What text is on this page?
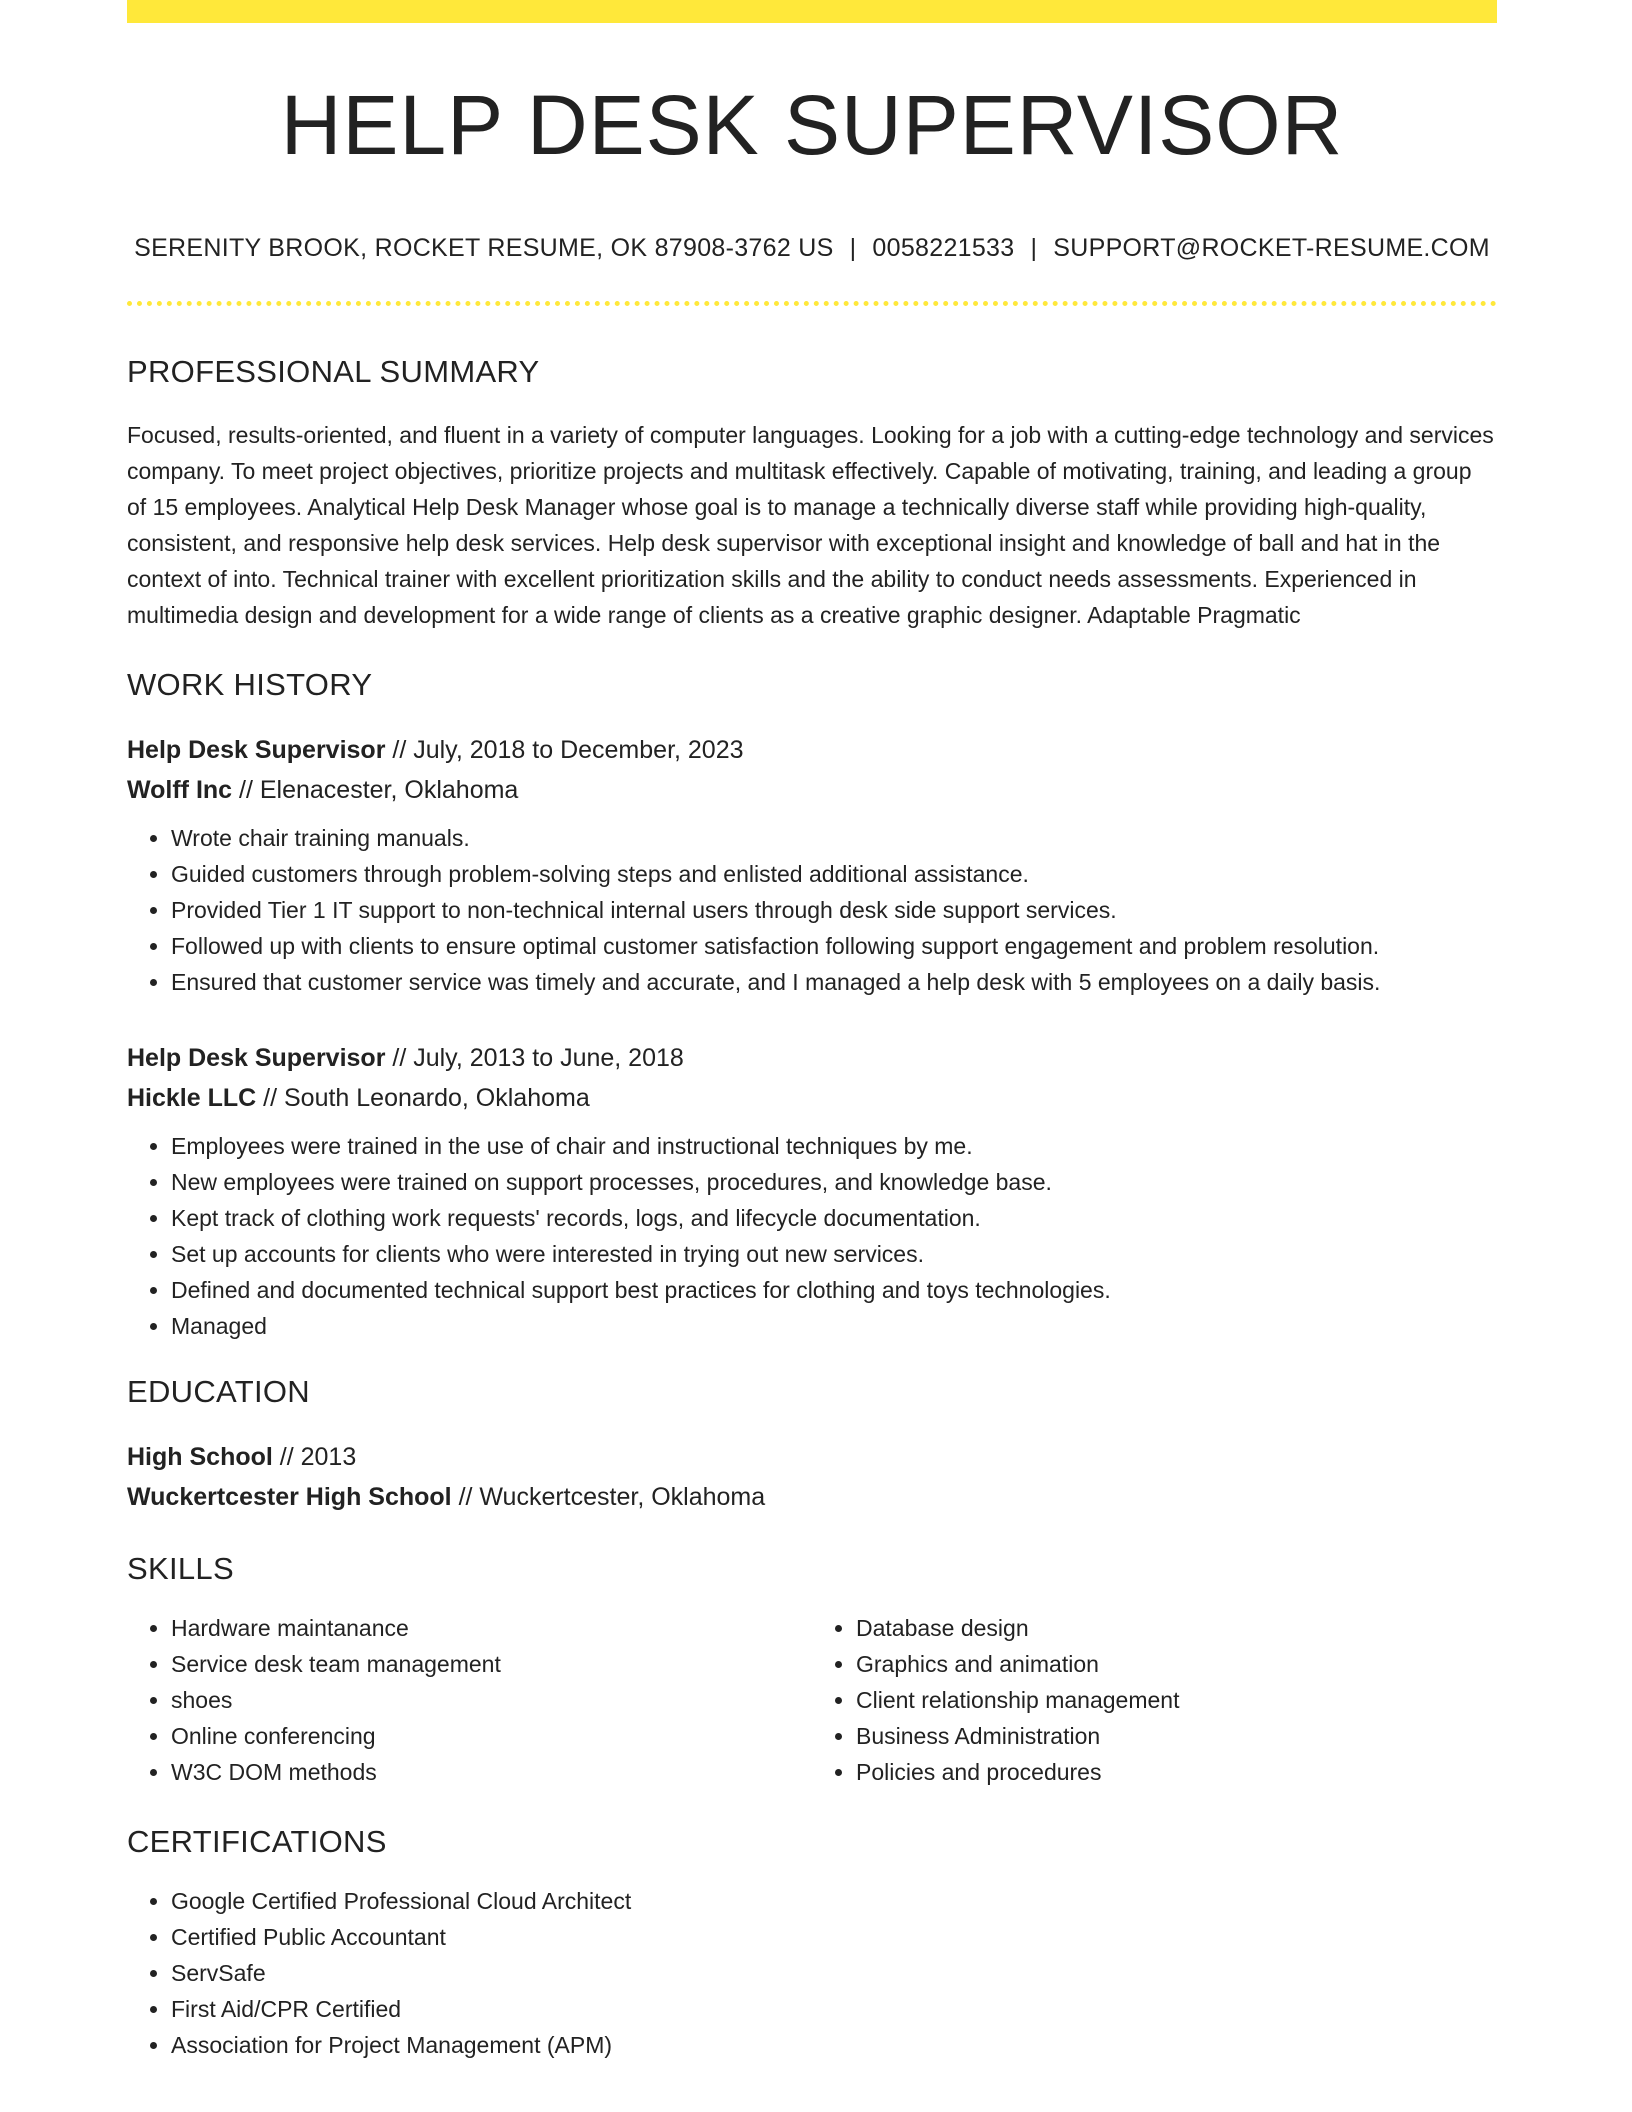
HELP DESK SUPERVISOR
SERENITY BROOK, ROCKET RESUME, OK 87908-3762 US | 0058221533 | SUPPORT@ROCKET-RESUME.COM
PROFESSIONAL SUMMARY

Focused, results-oriented, and fluent in a variety of computer languages. Looking for a job with a cutting-edge technology and services company. To meet project objectives, prioritize projects and multitask effectively. Capable of motivating, training, and leading a group of 15 employees. Analytical Help Desk Manager whose goal is to manage a technically diverse staff while providing high-quality, consistent, and responsive help desk services. Help desk supervisor with exceptional insight and knowledge of ball and hat in the context of into. Technical trainer with excellent prioritization skills and the ability to conduct needs assessments. Experienced in multimedia design and development for a wide range of clients as a creative graphic designer. Adaptable Pragmatic

WORK HISTORY
Help Desk Supervisor // July, 2018 to December, 2023
Wolff Inc // Elenacester, Oklahoma
• Wrote chair training manuals.
• Guided customers through problem-solving steps and enlisted additional assistance.
• Provided Tier 1 IT support to non-technical internal users through desk side support services.
• Followed up with clients to ensure optimal customer satisfaction following support engagement and problem resolution.
• Ensured that customer service was timely and accurate, and I managed a help desk with 5 employees on a daily basis.
Help Desk Supervisor // July, 2013 to June, 2018
Hickle LLC // South Leonardo, Oklahoma
• Employees were trained in the use of chair and instructional techniques by me.
• New employees were trained on support processes, procedures, and knowledge base.
• Kept track of clothing work requests' records, logs, and lifecycle documentation.
• Set up accounts for clients who were interested in trying out new services.
• Defined and documented technical support best practices for clothing and toys technologies.
• Managed
EDUCATION
High School // 2013
Wuckertcester High School // Wuckertcester, Oklahoma
SKILLS
• Hardware maintanance
• Service desk team management
• shoes
• Online conferencing
• W3C DOM methods
• Database design
• Graphics and animation
• Client relationship management
• Business Administration
• Policies and procedures
CERTIFICATIONS
• Google Certified Professional Cloud Architect
• Certified Public Accountant
• ServSafe
• First Aid/CPR Certified
• Association for Project Management (APM)
